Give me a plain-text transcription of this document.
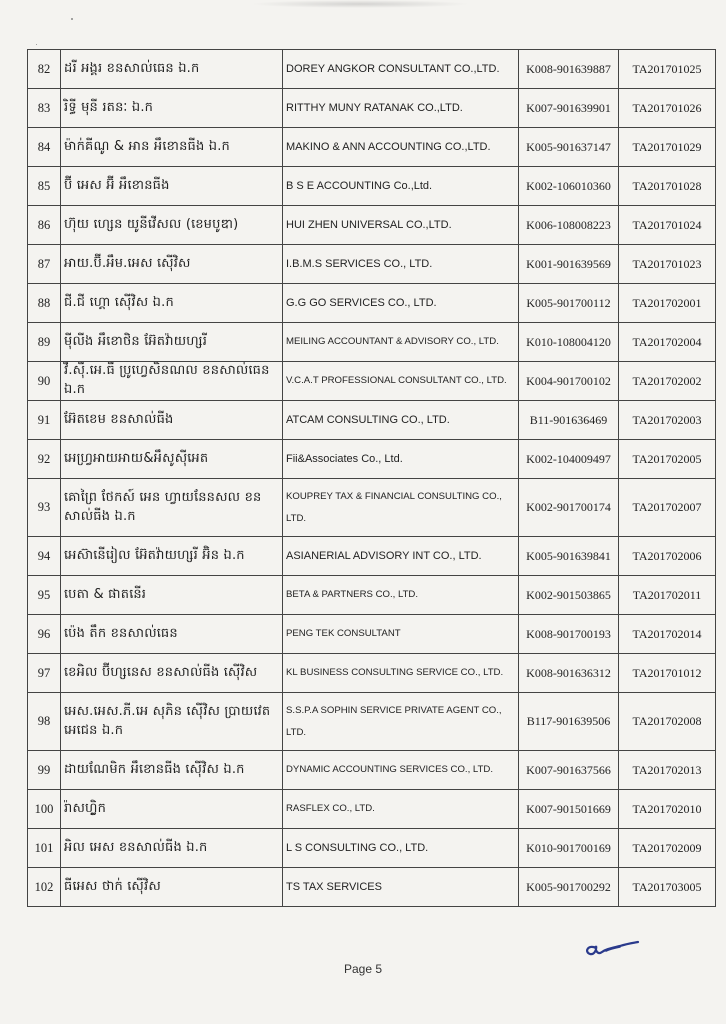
82	ដរី អង្គរ ខនសាល់ធេន ឯ.ក	DOREY ANGKOR CONSULTANT CO.,LTD.	K008-901639887	TA201701025
83	រិទ្ធី មុនី រតនៈ ឯ.ក	RITTHY MUNY RATANAK CO.,LTD.	K007-901639901	TA201701026
84	ម៉ាក់គីណូ & អាន អឹខោនធីង ឯ.ក	MAKINO & ANN ACCOUNTING CO.,LTD.	K005-901637147	TA201701029
85	ប៊ី អេស អ៊ី អឹខោនធីង	B S E ACCOUNTING Co.,Ltd.	K002-106010360	TA201701028
86	ហ៊ុយ ហ្សេន យូនីវើសល (ខេមបូឌា)	HUI ZHEN UNIVERSAL CO.,LTD.	K006-108008223	TA201701024
87	អាយ.ប៊ី.អឹម.អេស ស៊ើវិស	I.B.M.S SERVICES CO., LTD.	K001-901639569	TA201701023
88	ជី.ជី ហ្គោ ស៊ើវិស ឯ.ក	G.G GO SERVICES CO., LTD.	K005-901700112	TA201702001
89	ម៉ីលីង អឹខោថិន អ៊ែតវ៉ាយហ្សរី	MEILING ACCOUNTANT & ADVISORY CO., LTD.	K010-108004120	TA201702004
90	វី.ស៊ី.អេ.ធី ប្រូហ្វេសិនណល ខនសាល់ធេន ឯ.ក	V.C.A.T PROFESSIONAL CONSULTANT CO., LTD.	K004-901700102	TA201702002
91	អ៊ែតខេម ខនសាល់ធីង	ATCAM CONSULTING CO., LTD.	B11-901636469	TA201702003
92	អេហ្វ្រអាយអាយ&អឹសូស៊ីអេត	Fii&Associates Co., Ltd.	K002-104009497	TA201702005
93	គោព្រៃ ថែកស៍ អេន ហ្វាយនែនសល ខន សាល់ធីង ឯ.ក	KOUPREY TAX & FINANCIAL CONSULTING CO., LTD.	K002-901700174	TA201702007
94	អេស៊ានើរៀល អ៊ែតវ៉ាយហ្សរី អ៊ិន ឯ.ក	ASIANERIAL ADVISORY INT CO., LTD.	K005-901639841	TA201702006
95	បេតា & ផាតនើរ	BETA & PARTNERS CO., LTD.	K002-901503865	TA201702011
96	ប៉េង តឹក ខនសាល់ធេន	PENG TEK CONSULTANT	K008-901700193	TA201702014
97	ខេអិល ប៊ីហ្សនេស ខនសាល់ធីង ស៊ើវិស	KL BUSINESS CONSULTING SERVICE CO., LTD.	K008-901636312	TA201701012
98	អេស.អេស.ភី.អេ សុភិន ស៊ើវិស ប្រាយវេត អេជេន ឯ.ក	S.S.P.A SOPHIN SERVICE PRIVATE AGENT CO., LTD.	B117-901639506	TA201702008
99	ដាយណែមិក អឹខោនធីង ស៊ើវិស ឯ.ក	DYNAMIC ACCOUNTING SERVICES CO., LTD.	K007-901637566	TA201702013
100	រ៉ាសហ្វ្លិក	RASFLEX CO., LTD.	K007-901501669	TA201702010
101	អិល អេស ខនសាល់ធីង ឯ.ក	L S CONSULTING CO., LTD.	K010-901700169	TA201702009
102	ធីអេស ថាក់ ស៊ើវិស	TS TAX SERVICES	K005-901700292	TA201703005
Page 5
